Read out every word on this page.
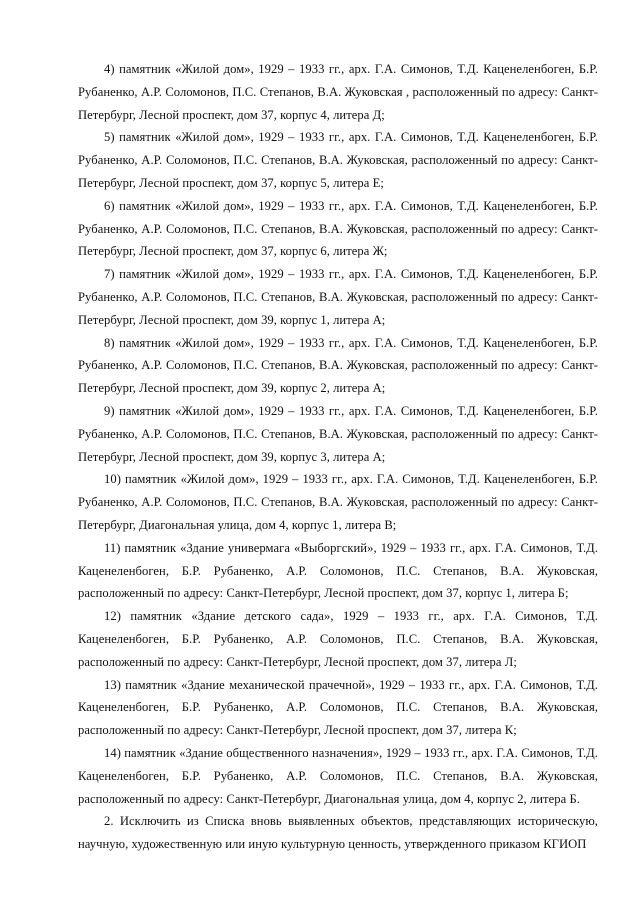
4) памятник «Жилой дом», 1929 – 1933 гг., арх. Г.А. Симонов, Т.Д. Каценеленбоген, Б.Р. Рубаненко, А.Р. Соломонов, П.С. Степанов, В.А. Жуковская , расположенный по адресу: Санкт-Петербург, Лесной проспект, дом 37, корпус 4, литера Д;

5) памятник «Жилой дом», 1929 – 1933 гг., арх. Г.А. Симонов, Т.Д. Каценеленбоген, Б.Р. Рубаненко, А.Р. Соломонов, П.С. Степанов, В.А. Жуковская, расположенный по адресу: Санкт-Петербург, Лесной проспект, дом 37, корпус 5, литера Е;

6) памятник «Жилой дом», 1929 – 1933 гг., арх. Г.А. Симонов, Т.Д. Каценеленбоген, Б.Р. Рубаненко, А.Р. Соломонов, П.С. Степанов, В.А. Жуковская, расположенный по адресу: Санкт-Петербург, Лесной проспект, дом 37, корпус 6, литера Ж;

7) памятник «Жилой дом», 1929 – 1933 гг., арх. Г.А. Симонов, Т.Д. Каценеленбоген, Б.Р. Рубаненко, А.Р. Соломонов, П.С. Степанов, В.А. Жуковская, расположенный по адресу: Санкт-Петербург, Лесной проспект, дом 39, корпус 1, литера А;

8) памятник «Жилой дом», 1929 – 1933 гг., арх. Г.А. Симонов, Т.Д. Каценеленбоген, Б.Р. Рубаненко, А.Р. Соломонов, П.С. Степанов, В.А. Жуковская, расположенный по адресу: Санкт-Петербург, Лесной проспект, дом 39, корпус 2, литера А;

9) памятник «Жилой дом», 1929 – 1933 гг., арх. Г.А. Симонов, Т.Д. Каценеленбоген, Б.Р. Рубаненко, А.Р. Соломонов, П.С. Степанов, В.А. Жуковская, расположенный по адресу: Санкт-Петербург, Лесной проспект, дом 39, корпус 3, литера А;

10) памятник «Жилой дом», 1929 – 1933 гг., арх. Г.А. Симонов, Т.Д. Каценеленбоген, Б.Р. Рубаненко, А.Р. Соломонов, П.С. Степанов, В.А. Жуковская, расположенный по адресу: Санкт-Петербург, Диагональная улица, дом 4, корпус 1, литера В;

11) памятник «Здание универмага «Выборгский», 1929 – 1933 гг., арх. Г.А. Симонов, Т.Д. Каценеленбоген, Б.Р. Рубаненко, А.Р. Соломонов, П.С. Степанов, В.А. Жуковская, расположенный по адресу: Санкт-Петербург, Лесной проспект, дом 37, корпус 1, литера Б;

12) памятник «Здание детского сада», 1929 – 1933 гг., арх. Г.А. Симонов, Т.Д. Каценеленбоген, Б.Р. Рубаненко, А.Р. Соломонов, П.С. Степанов, В.А. Жуковская, расположенный по адресу: Санкт-Петербург, Лесной проспект, дом 37, литера Л;

13) памятник «Здание механической прачечной», 1929 – 1933 гг., арх. Г.А. Симонов, Т.Д. Каценеленбоген, Б.Р. Рубаненко, А.Р. Соломонов, П.С. Степанов, В.А. Жуковская, расположенный по адресу: Санкт-Петербург, Лесной проспект, дом 37, литера К;

14) памятник «Здание общественного назначения», 1929 – 1933 гг., арх. Г.А. Симонов, Т.Д. Каценеленбоген, Б.Р. Рубаненко, А.Р. Соломонов, П.С. Степанов, В.А. Жуковская, расположенный по адресу: Санкт-Петербург, Диагональная улица, дом 4, корпус 2, литера Б.

2. Исключить из Списка вновь выявленных объектов, представляющих историческую, научную, художественную или иную культурную ценность, утвержденного приказом КГИОП
